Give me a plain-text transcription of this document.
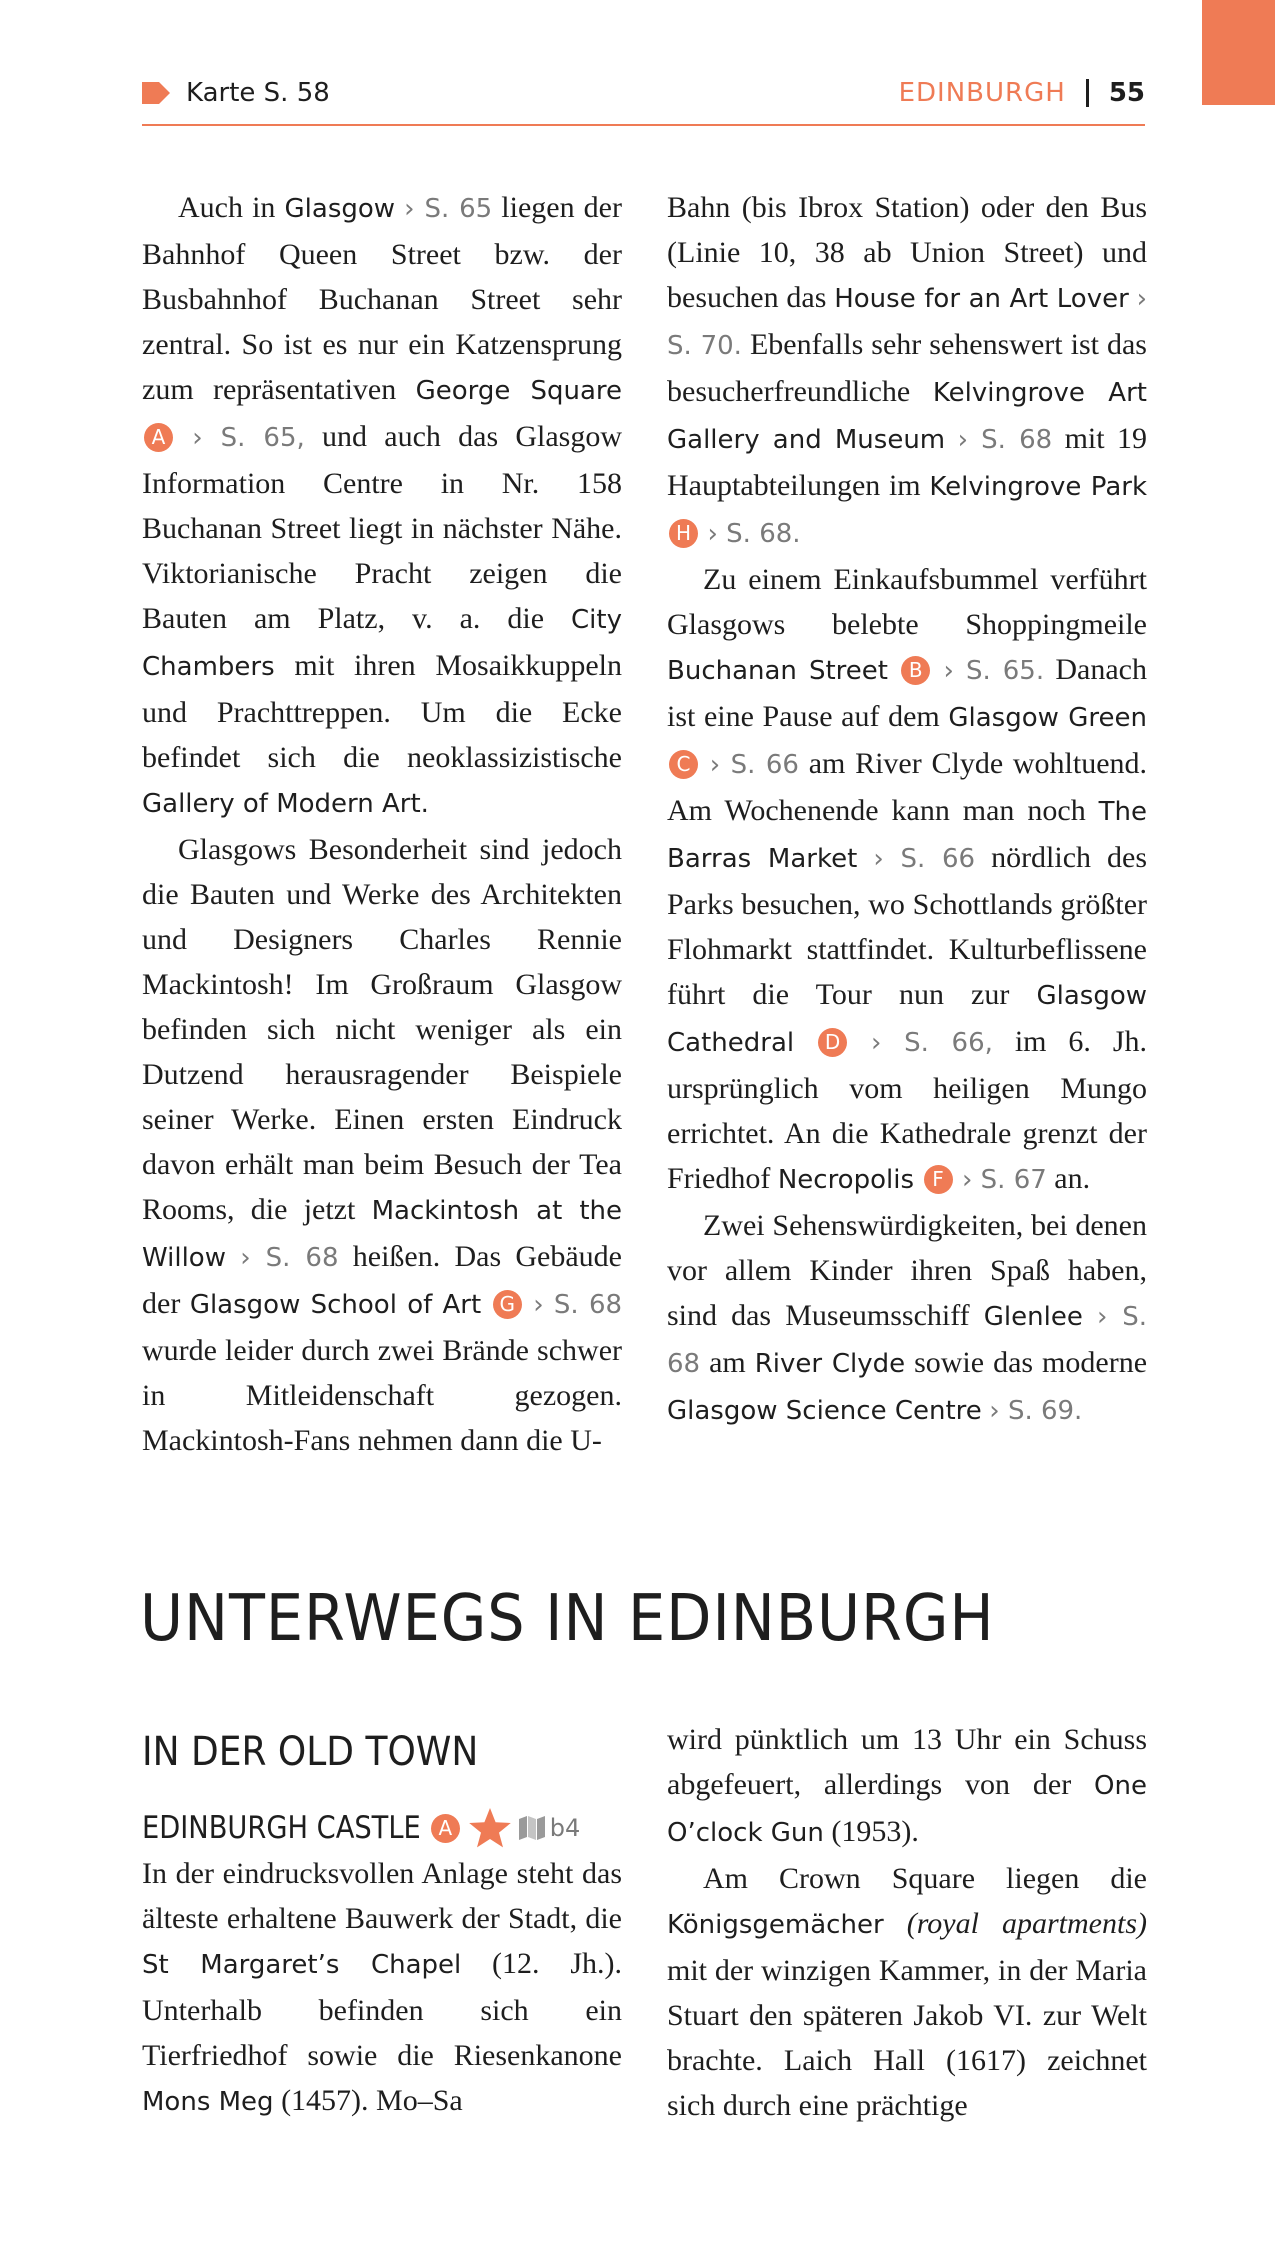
Karte S. 58	EDINBURGH 55

Auch in Glasgow › S. 65 liegen der Bahnhof Queen Street bzw. der Busbahnhof Buchanan Street sehr zentral. So ist es nur ein Katzensprung zum repräsentativen George Square A › S. 65, und auch das Glasgow Information Centre in Nr. 158 Buchanan Street liegt in nächster Nähe. Viktorianische Pracht zeigen die Bauten am Platz, v. a. die City Chambers mit ihren Mosaikkuppeln und Prachttreppen. Um die Ecke befindet sich die neoklassizistische Gallery of Modern Art.

Glasgows Besonderheit sind jedoch die Bauten und Werke des Architekten und Designers Charles Rennie Mackintosh! Im Großraum Glasgow befinden sich nicht weniger als ein Dutzend herausragender Beispiele seiner Werke. Einen ersten Eindruck davon erhält man beim Besuch der Tea Rooms, die jetzt Mackintosh at the Willow › S. 68 heißen. Das Gebäude der Glasgow School of Art G › S. 68 wurde leider durch zwei Brände schwer in Mitleidenschaft gezogen. Mackintosh-Fans nehmen dann die U-

Bahn (bis Ibrox Station) oder den Bus (Linie 10, 38 ab Union Street) und besuchen das House for an Art Lover › S. 70. Ebenfalls sehr sehenswert ist das besucherfreundliche Kelvingrove Art Gallery and Museum › S. 68 mit 19 Hauptabteilungen im Kelvingrove Park H › S. 68.

Zu einem Einkaufsbummel verführt Glasgows belebte Shoppingmeile Buchanan Street B › S. 65. Danach ist eine Pause auf dem Glasgow Green C › S. 66 am River Clyde wohltuend. Am Wochenende kann man noch The Barras Market › S. 66 nördlich des Parks besuchen, wo Schottlands größter Flohmarkt stattfindet. Kulturbeflissene führt die Tour nun zur Glasgow Cathedral D › S. 66, im 6. Jh. ursprünglich vom heiligen Mungo errichtet. An die Kathedrale grenzt der Friedhof Necropolis F › S. 67 an.

Zwei Sehenswürdigkeiten, bei denen vor allem Kinder ihren Spaß haben, sind das Museumsschiff Glenlee › S. 68 am River Clyde sowie das moderne Glasgow Science Centre › S. 69.

UNTERWEGS IN EDINBURGH
IN DER OLD TOWN
EDINBURGH CASTLE A	b4

In der eindrucksvollen Anlage steht das älteste erhaltene Bauwerk der Stadt, die St Margaret’s Chapel (12. Jh.). Unterhalb befinden sich ein Tierfriedhof sowie die Riesenkanone Mons Meg (1457). Mo–Sa

wird pünktlich um 13 Uhr ein Schuss abgefeuert, allerdings von der One O’clock Gun (1953).

Am Crown Square liegen die Königsgemächer (royal apartments) mit der winzigen Kammer, in der Maria Stuart den späteren Jakob VI. zur Welt brachte. Laich Hall (1617) zeichnet sich durch eine prächtige
